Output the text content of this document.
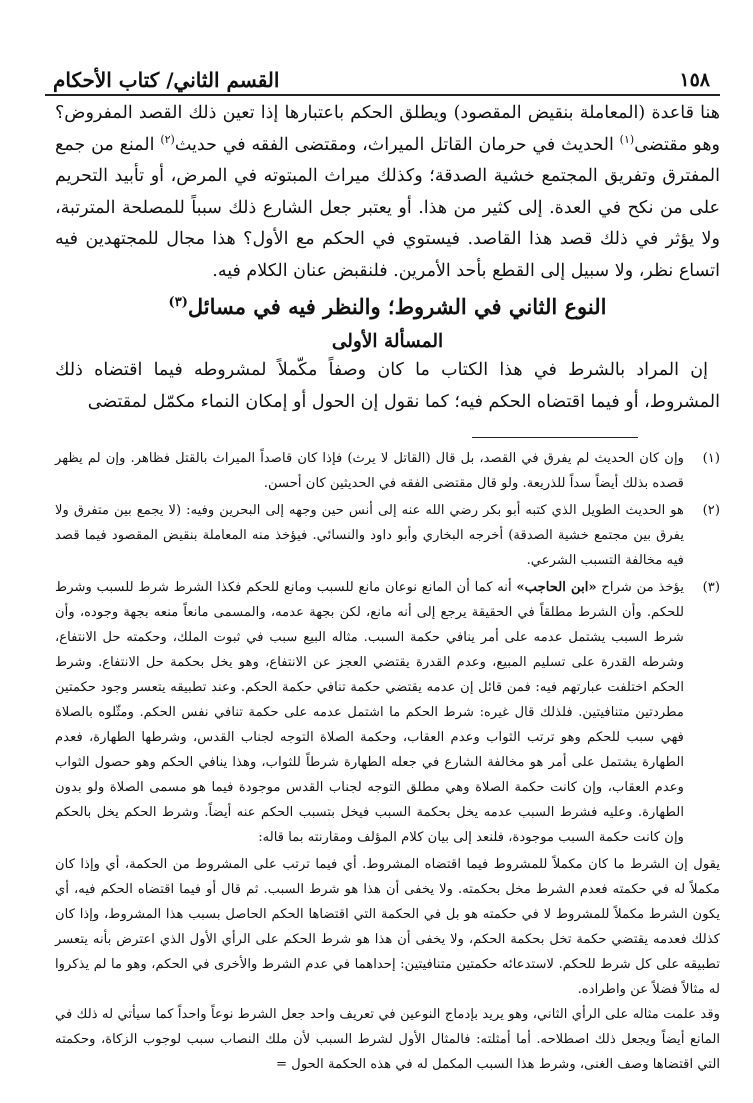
١٥٨
القسم الثاني/ كتاب الأحكام

هنا قاعدة (المعاملة بنقيض المقصود) ويطلق الحكم باعتبارها إذا تعين ذلك القصد المفروض؟ وهو مقتضى$^{(١)}$ الحديث في حرمان القاتل الميراث، ومقتضى الفقه في حديث$^{(٢)}$ المنع من جمع المفترق وتفريق المجتمع خشية الصدقة؛ وكذلك ميراث المبتوته في المرض، أو تأبيد التحريم على من نكح في العدة. إلى كثير من هذا. أو يعتبر جعل الشارع ذلك سبباً للمصلحة المترتبة، ولا يؤثر في ذلك قصد هذا القاصد. فيستوي في الحكم مع الأول؟ هذا مجال للمجتهدين فيه اتساع نظر، ولا سبيل إلى القطع بأحد الأمرين. فلنقبض عنان الكلام فيه.

النوع الثاني في الشروط؛ والنظر فيه في مسائل$^{(٣)}$
المسألة الأولى

إن المراد بالشرط في هذا الكتاب ما كان وصفاً مكّملاً لمشروطه فيما اقتضاه ذلك المشروط، أو فيما اقتضاه الحكم فيه؛ كما نقول إن الحول أو إمكان النماء مكمّل لمقتضى

(١)
وإن كان الحديث لم يفرق في القصد، بل قال (القاتل لا يرث) فإذا كان قاصداً الميراث بالقتل فظاهر. وإن لم يظهر قصده بذلك أيضاً سداً للذريعة. ولو قال مقتضى الفقه في الحديثين كان أحسن.
(٢)
هو الحديث الطويل الذي كتبه أبو بكر رضي الله عنه إلى أنس حين وجهه إلى البحرين وفيه: (لا يجمع بين متفرق ولا يفرق بين مجتمع خشية الصدقة) أخرجه البخاري وأبو داود والنسائي. فيؤخذ منه المعاملة بنقيض المقصود فيما قصد فيه مخالفة التسبب الشرعي.
(٣)
يؤخذ من شراح «ابن الحاجب» أنه كما أن المانع نوعان مانع للسبب ومانع للحكم فكذا الشرط شرط للسبب وشرط للحكم. وأن الشرط مطلقاً في الحقيقة يرجع إلى أنه مانع، لكن بجهة عدمه، والمسمى مانعاً منعه بجهة وجوده، وأن شرط السبب يشتمل عدمه على أمر ينافي حكمة السبب. مثاله البيع سبب في ثبوت الملك، وحكمته حل الانتفاع، وشرطه القدرة على تسليم المبيع، وعدم القدرة يقتضي العجز عن الانتفاع، وهو يخل بحكمة حل الانتفاع. وشرط الحكم اختلفت عبارتهم فيه: فمن قائل إن عدمه يقتضي حكمة تنافي حكمة الحكم. وعند تطبيقه يتعسر وجود حكمتين مطردتين متنافيتين. فلذلك قال غيره: شرط الحكم ما اشتمل عدمه على حكمة تنافي نفس الحكم. ومثّلوه بالصلاة فهي سبب للحكم وهو ترتب الثواب وعدم العقاب، وحكمة الصلاة التوجه لجناب القدس، وشرطها الطهارة، فعدم الطهارة يشتمل على أمر هو مخالفة الشارع في جعله الطهارة شرطاً للثواب، وهذا ينافي الحكم وهو حصول الثواب وعدم العقاب، وإن كانت حكمة الصلاة وهي مطلق التوجه لجناب القدس موجودة فيما هو مسمى الصلاة ولو بدون الطهارة. وعليه فشرط السبب عدمه يخل بحكمة السبب فيخل بتسبب الحكم عنه أيضاً. وشرط الحكم يخل بالحكم وإن كانت حكمة السبب موجودة، فلنعد إلى بيان كلام المؤلف ومقارنته بما قاله:

يقول إن الشرط ما كان مكملاً للمشروط فيما اقتضاه المشروط. أي فيما ترتب على المشروط من الحكمة، أي وإذا كان مكملاً له في حكمته فعدم الشرط مخل بحكمته. ولا يخفى أن هذا هو شرط السبب. ثم قال أو فيما اقتضاه الحكم فيه، أي يكون الشرط مكملاً للمشروط لا في حكمته هو بل في الحكمة التي اقتضاها الحكم الحاصل بسبب هذا المشروط، وإذا كان كذلك فعدمه يقتضي حكمة تخل بحكمة الحكم، ولا يخفى أن هذا هو شرط الحكم على الرأي الأول الذي اعترض بأنه يتعسر تطبيقه على كل شرط للحكم. لاستدعائه حكمتين متنافيتين: إحداهما في عدم الشرط والأخرى في الحكم، وهو ما لم يذكروا له مثالاً فضلاً عن واطراده.

وقد علمت مثاله على الرأي الثاني، وهو يريد بإدماج النوعين في تعريف واحد جعل الشرط نوعاً واحداً كما سيأتي له ذلك في المانع أيضاً ويجعل ذلك اصطلاحه. أما أمثلته: فالمثال الأول لشرط السبب لأن ملك النصاب سبب لوجوب الزكاة، وحكمته التي اقتضاها وصف الغنى، وشرط هذا السبب المكمل له في هذه الحكمة الحول =
